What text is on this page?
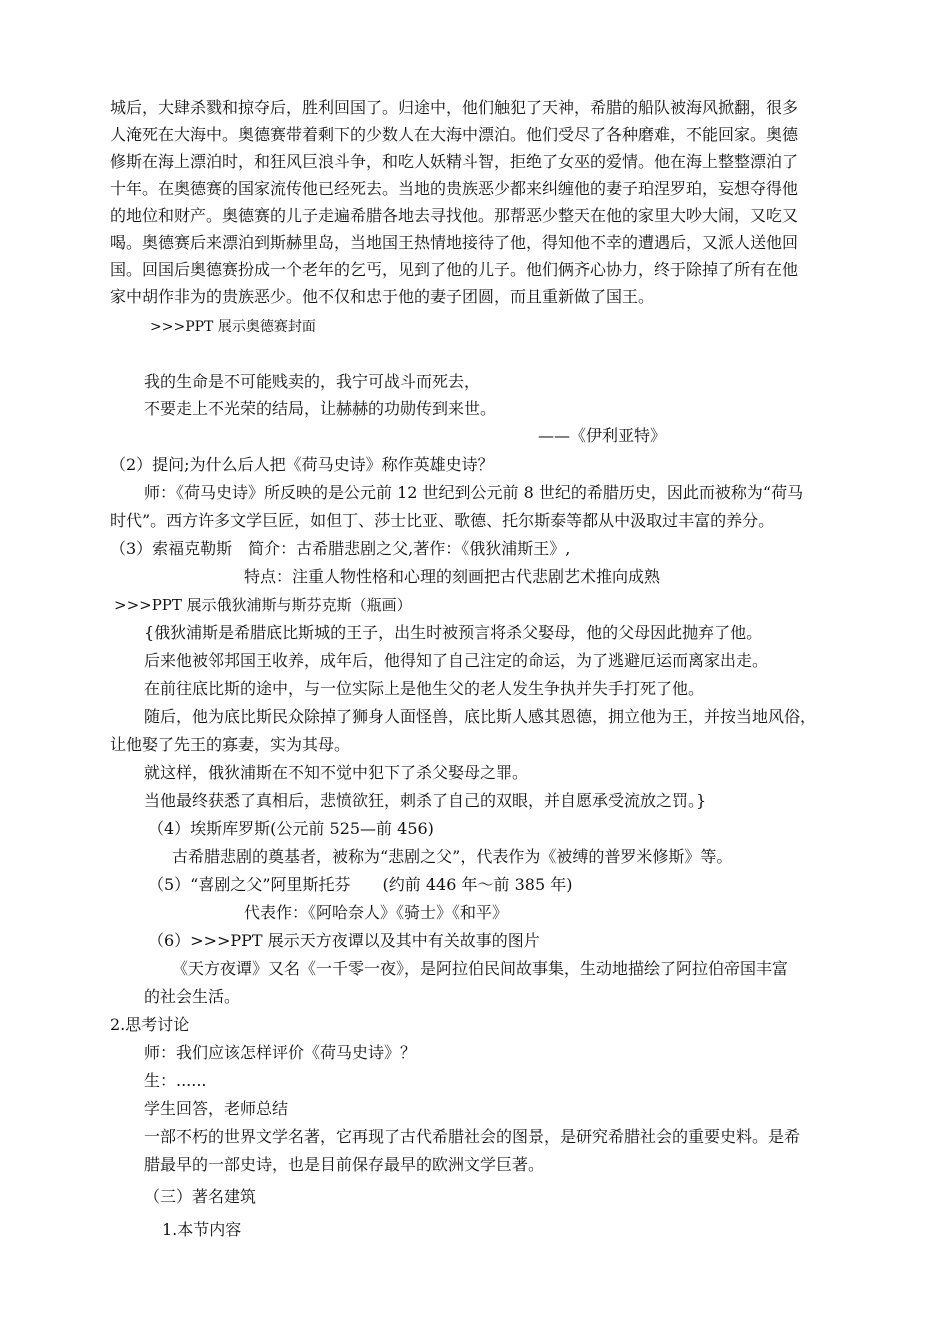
城后，大肆杀戮和掠夺后，胜利回国了。归途中，他们触犯了天神，希腊的船队被海风掀翻，很多
人淹死在大海中。奥德赛带着剩下的少数人在大海中漂泊。他们受尽了各种磨难，不能回家。奥德
修斯在海上漂泊时，和狂风巨浪斗争，和吃人妖精斗智，拒绝了女巫的爱情。他在海上整整漂泊了
十年。在奥德赛的国家流传他已经死去。当地的贵族恶少都来纠缠他的妻子珀涅罗珀，妄想夺得他
的地位和财产。奥德赛的儿子走遍希腊各地去寻找他。那帮恶少整天在他的家里大吵大闹，又吃又
喝。奥德赛后来漂泊到斯赫里岛，当地国王热情地接待了他，得知他不幸的遭遇后，又派人送他回
国。回国后奥德赛扮成一个老年的乞丐，见到了他的儿子。他们俩齐心协力，终于除掉了所有在他
家中胡作非为的贵族恶少。他不仅和忠于他的妻子团圆，而且重新做了国王。
>>>PPT 展示奥德赛封面
我的生命是不可能贱卖的，我宁可战斗而死去，
不要走上不光荣的结局，让赫赫的功勋传到来世。
——《伊利亚特》
（2）提问;为什么后人把《荷马史诗》称作英雄史诗？
师：《荷马史诗》所反映的是公元前 12 世纪到公元前 8 世纪的希腊历史，因此而被称为“荷马
时代”。西方许多文学巨匠，如但丁、莎士比亚、歌德、托尔斯泰等都从中汲取过丰富的养分。
（3）索福克勒斯　简介：古希腊悲剧之父,著作：《俄狄浦斯王》,
特点：注重人物性格和心理的刻画把古代悲剧艺术推向成熟
>>>PPT 展示俄狄浦斯与斯芬克斯（瓶画）
{俄狄浦斯是希腊底比斯城的王子，出生时被预言将杀父娶母，他的父母因此抛弃了他。
后来他被邻邦国王收养，成年后，他得知了自己注定的命运，为了逃避厄运而离家出走。
在前往底比斯的途中，与一位实际上是他生父的老人发生争执并失手打死了他。
随后，他为底比斯民众除掉了狮身人面怪兽，底比斯人感其恩德，拥立他为王，并按当地风俗，
让他娶了先王的寡妻，实为其母。
就这样，俄狄浦斯在不知不觉中犯下了杀父娶母之罪。
当他最终获悉了真相后，悲愤欲狂，刺杀了自己的双眼，并自愿承受流放之罚。}
（4）埃斯库罗斯(公元前 525—前 456)
古希腊悲剧的奠基者，被称为“悲剧之父”，代表作为《被缚的普罗米修斯》等。
（5）“喜剧之父”阿里斯托芬　　(约前 446 年～前 385 年)
代表作：《阿哈奈人》《骑士》《和平》
（6）>>>PPT 展示天方夜谭以及其中有关故事的图片
《天方夜谭》又名《一千零一夜》，是阿拉伯民间故事集，生动地描绘了阿拉伯帝国丰富
的社会生活。
2.思考讨论
师：我们应该怎样评价《荷马史诗》？
生：......
学生回答，老师总结
一部不朽的世界文学名著，它再现了古代希腊社会的图景，是研究希腊社会的重要史料。是希
腊最早的一部史诗，也是目前保存最早的欧洲文学巨著。
（三）著名建筑
1.本节内容
